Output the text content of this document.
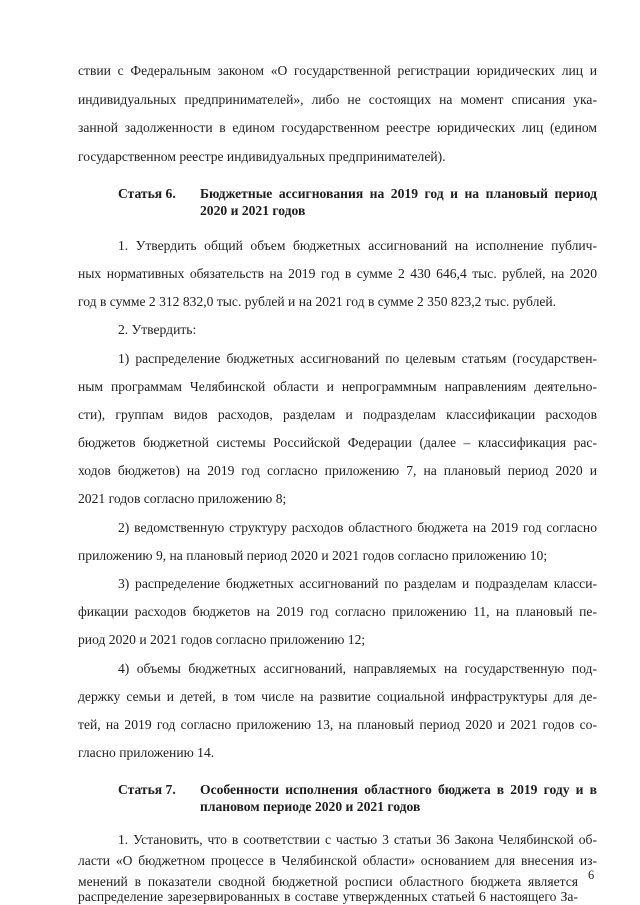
ствии с Федеральным законом «О государственной регистрации юридических лиц и
индивидуальных предпринимателей», либо не состоящих на момент списания ука-
занной задолженности в едином государственном реестре юридических лиц (едином
государственном реестре индивидуальных предпринимателей).
Статья 6. Бюджетные ассигнования на 2019 год и на плановый период
2020 и 2021 годов
1. Утвердить общий объем бюджетных ассигнований на исполнение публич-
ных нормативных обязательств на 2019 год в сумме 2 430 646,4 тыс. рублей, на 2020
год в сумме 2 312 832,0 тыс. рублей и на 2021 год в сумме 2 350 823,2 тыс. рублей.
2. Утвердить:
1) распределение бюджетных ассигнований по целевым статьям (государствен-
ным программам Челябинской области и непрограммным направлениям деятельно-
сти), группам видов расходов, разделам и подразделам классификации расходов
бюджетов бюджетной системы Российской Федерации (далее – классификация рас-
ходов бюджетов) на 2019 год согласно приложению 7, на плановый период 2020 и
2021 годов согласно приложению 8;
2) ведомственную структуру расходов областного бюджета на 2019 год согласно
приложению 9, на плановый период 2020 и 2021 годов согласно приложению 10;
3) распределение бюджетных ассигнований по разделам и подразделам класси-
фикации расходов бюджетов на 2019 год согласно приложению 11, на плановый пе-
риод 2020 и 2021 годов согласно приложению 12;
4) объемы бюджетных ассигнований, направляемых на государственную под-
держку семьи и детей, в том числе на развитие социальной инфраструктуры для де-
тей, на 2019 год согласно приложению 13, на плановый период 2020 и 2021 годов со-
гласно приложению 14.
Статья 7. Особенности исполнения областного бюджета в 2019 году и в
плановом периоде 2020 и 2021 годов
1. Установить, что в соответствии с частью 3 статьи 36 Закона Челябинской об-
ласти «О бюджетном процессе в Челябинской области» основанием для внесения из-
менений в показатели сводной бюджетной росписи областного бюджета является
распределение зарезервированных в составе утвержденных статьей 6 настоящего За-
6
